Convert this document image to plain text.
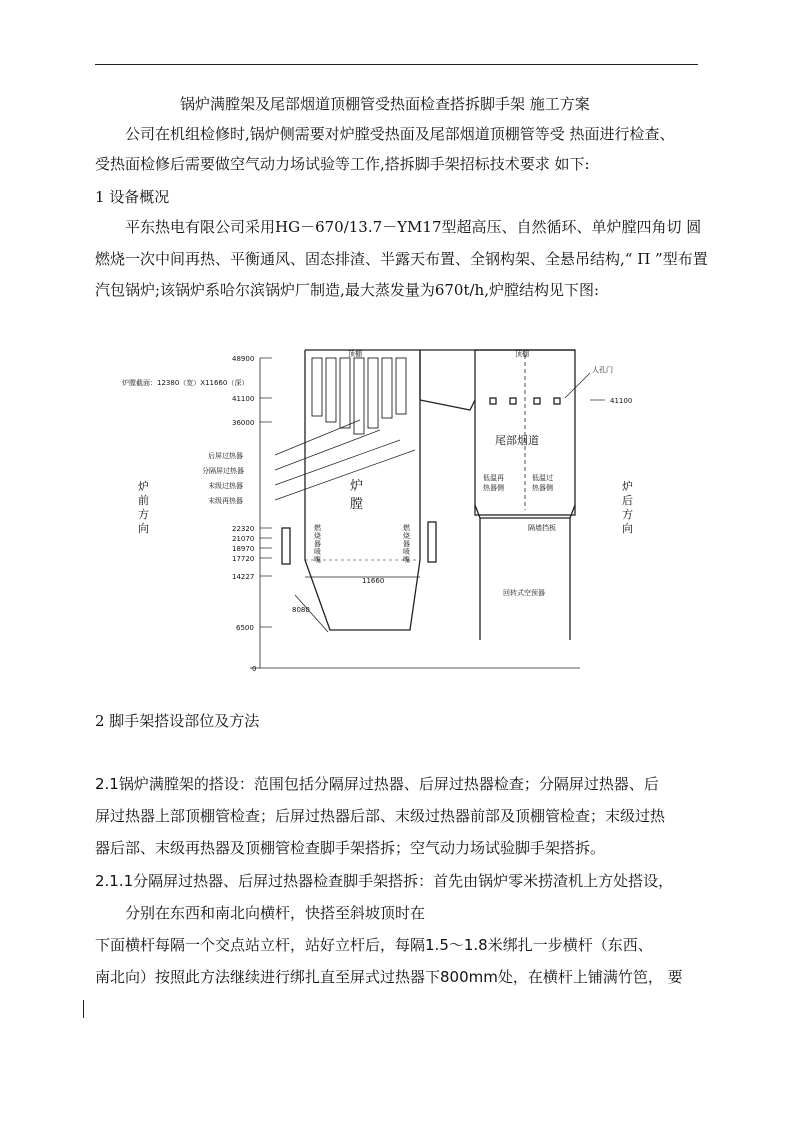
锅炉满膛架及尾部烟道顶棚管受热面检查搭拆脚手架 施工方案
公司在机组检修时,锅炉侧需要对炉膛受热面及尾部烟道顶棚管等受 热面进行检查、
受热面检修后需要做空气动力场试验等工作,搭拆脚手架招标技术要求 如下:
1 设备概况
平东热电有限公司采用HG－670/13.7－YM17型超高压、自然循环、单炉膛四角切 圆
燃烧一次中间再热、平衡通风、固态排渣、半露天布置、全钢构架、全悬吊结构,“ Π ”型布置
汽包锅炉;该锅炉系哈尔滨锅炉厂制造,最大蒸发量为670t/h,炉膛结构见下图:
48900
41100
36000
22320
21070
18970
17720
14227
6500
0
41100
炉膛截面：12380（宽）X11660（深）
顶棚	顶棚
人孔门
11660
8080
隔墙挡板
回转式空预器
后屏过热器
分隔屏过热器
末级过热器
末级再热器
低温再
热器侧
低温过
热器侧
尾部烟道
炉
膛
燃
烧
器
喷
嘴
燃
烧
器
喷
嘴
炉
前
方
向
炉
后
方
向
2 脚手架搭设部位及方法
2.1锅炉满膛架的搭设：范围包括分隔屏过热器、后屏过热器检查；分隔屏过热器、后
屏过热器上部顶棚管检查；后屏过热器后部、末级过热器前部及顶棚管检查；末级过热
器后部、末级再热器及顶棚管检查脚手架搭拆；空气动力场试验脚手架搭拆。
2.1.1分隔屏过热器、后屏过热器检查脚手架搭拆：首先由锅炉零米捞渣机上方处搭设，
分别在东西和南北向横杆，快搭至斜坡顶时在
下面横杆每隔一个交点站立杆，站好立杆后，每隔1.5～1.8米绑扎一步横杆（东西、
南北向）按照此方法继续进行绑扎直至屏式过热器下800mm处，在横杆上铺满竹笆， 要
